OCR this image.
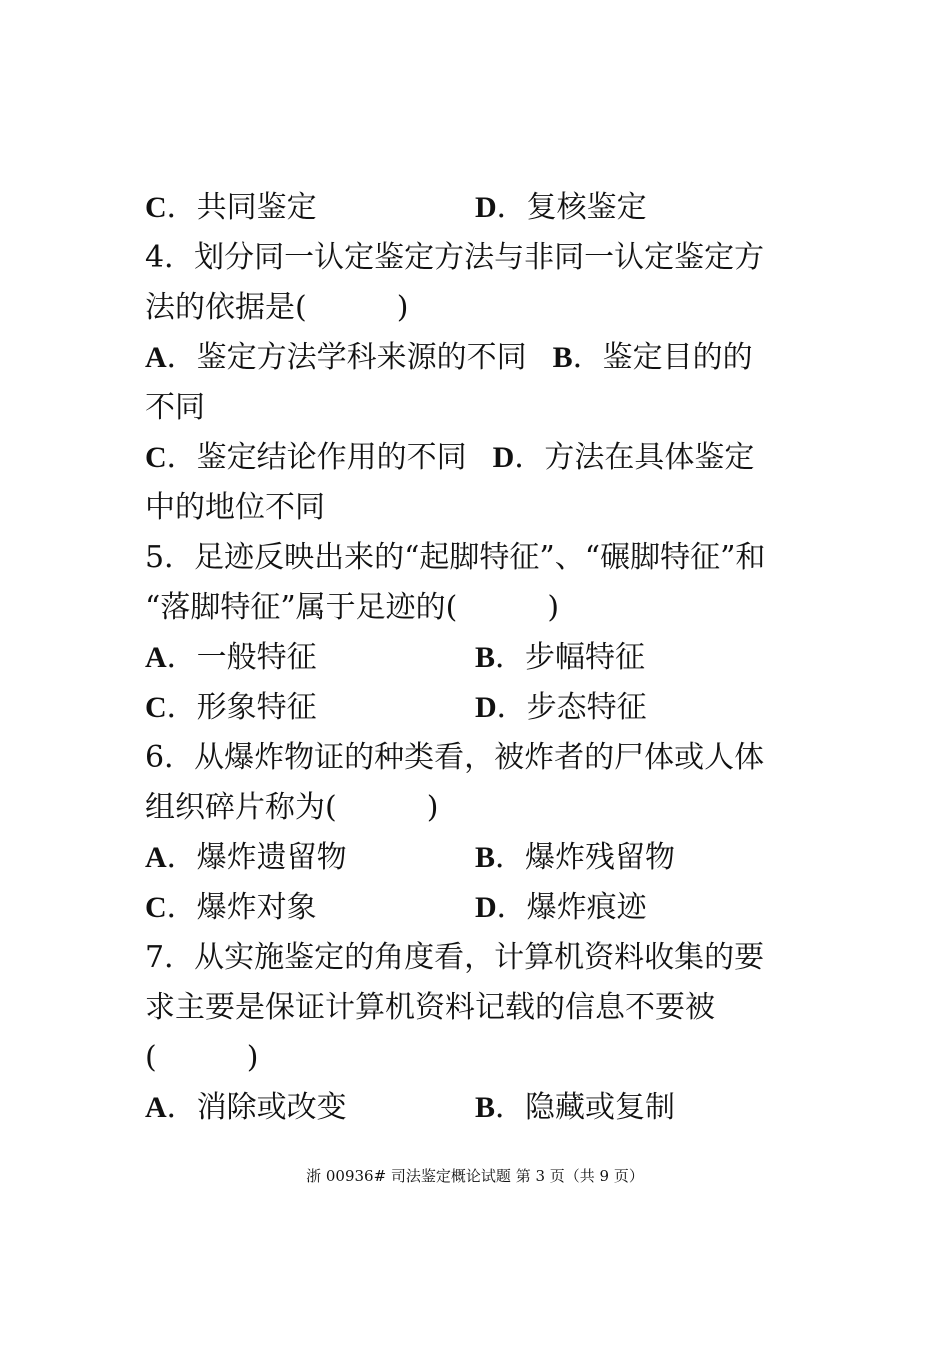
C．共同鉴定	D．复核鉴定
4．划分同一认定鉴定方法与非同一认定鉴定方
法的依据是(	)
A．鉴定方法学科来源的不同 B．鉴定目的的
不同
C．鉴定结论作用的不同 D．方法在具体鉴定
中的地位不同
5．足迹反映出来的“起脚特征”、“碾脚特征”和
“落脚特征”属于足迹的(	)
A．一般特征	B．步幅特征
C．形象特征	D．步态特征
6．从爆炸物证的种类看，被炸者的尸体或人体
组织碎片称为(	)
A．爆炸遗留物	B．爆炸残留物
C．爆炸对象	D．爆炸痕迹
7．从实施鉴定的角度看，计算机资料收集的要
求主要是保证计算机资料记载的信息不要被
(	)
A．消除或改变	B．隐藏或复制
浙 00936# 司法鉴定概论试题 第 3 页（共 9 页）
